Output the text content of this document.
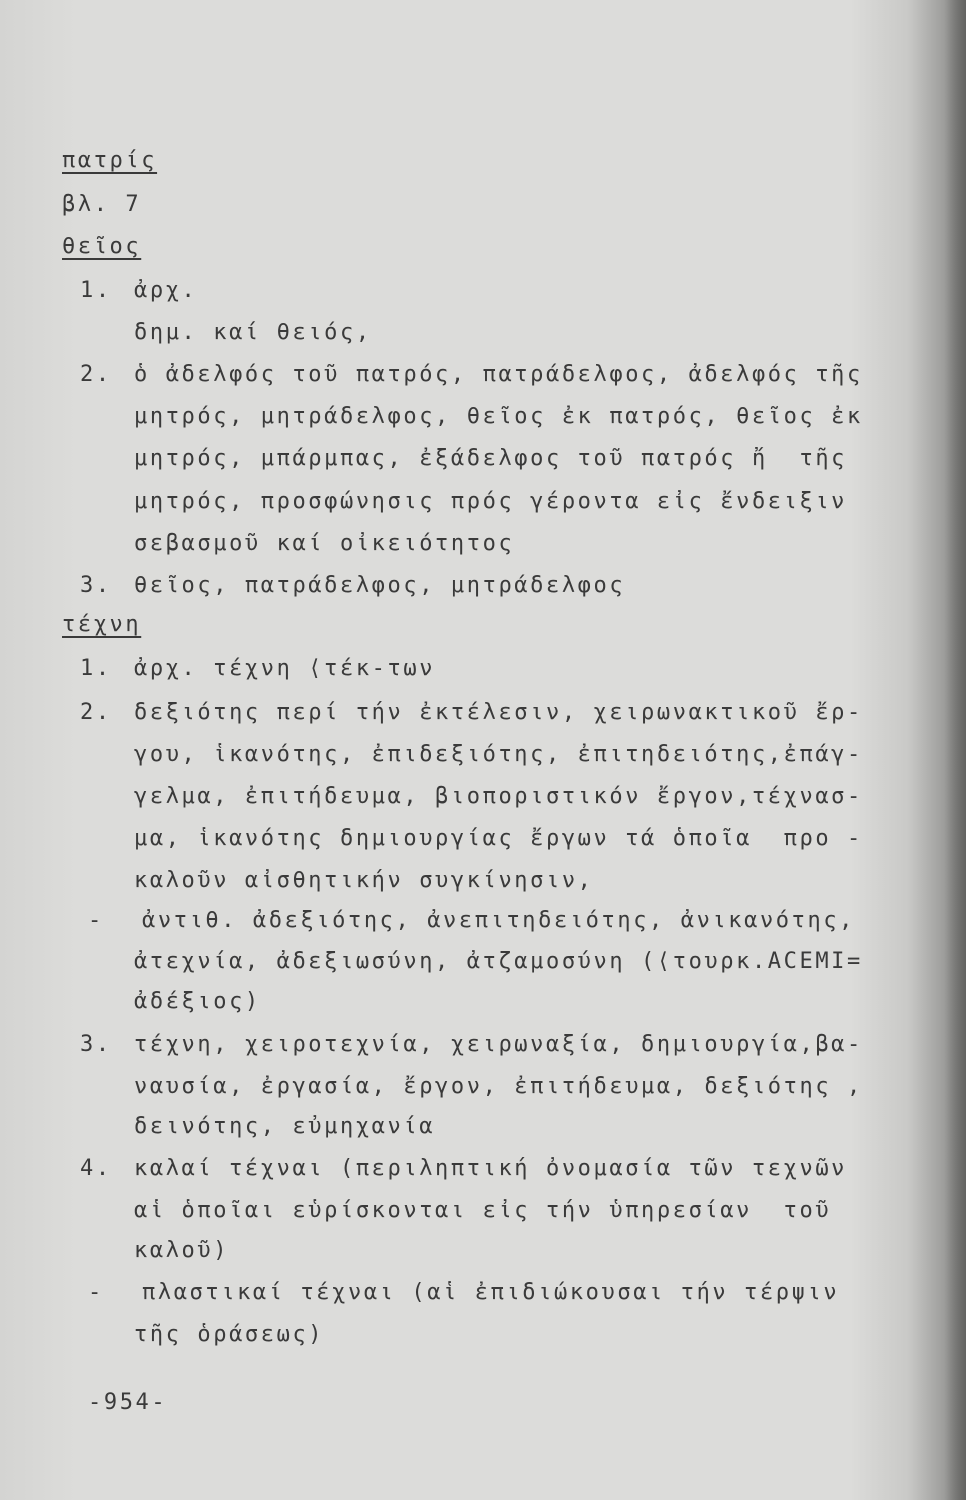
πατρίς
βλ. 7
θεῖος
1. ἀρχ.
δημ. καί θειός,
2. ὁ ἀδελφός τοῦ πατρός, πατράδελφος, ἀδελφός τῆς
μητρός, μητράδελφος, θεῖος ἐκ πατρός, θεῖος ἐκ
μητρός, μπάρμπας, ἐξάδελφος τοῦ πατρός ἤ  τῆς
μητρός, προσφώνησις πρός γέροντα εἰς ἔνδειξιν
σεβασμοῦ καί οἰκειότητος
3. θεῖος, πατράδελφος, μητράδελφος
τέχνη
1. ἀρχ. τέχνη ⟨τέκ-των
2. δεξιότης περί τήν ἐκτέλεσιν, χειρωνακτικοῦ ἔρ-
γου, ἱκανότης, ἐπιδεξιότης, ἐπιτηδειότης,ἐπάγ-
γελμα, ἐπιτήδευμα, βιοποριστικόν ἔργον,τέχνασ-
μα, ἱκανότης δημιουργίας ἔργων τά ὁποῖα  προ -
καλοῦν αἰσθητικήν συγκίνησιν,
- ἀντιθ. ἀδεξιότης, ἀνεπιτηδειότης, ἀνικανότης,
ἀτεχνία, ἀδεξιωσύνη, ἀτζαμοσύνη (⟨τουρκ.ACEMI=
ἀδέξιος)
3. τέχνη, χειροτεχνία, χειρωναξία, δημιουργία,βα-
ναυσία, ἐργασία, ἔργον, ἐπιτήδευμα, δεξιότης ,
δεινότης, εὐμηχανία
4. καλαί τέχναι (περιληπτική ὀνομασία τῶν τεχνῶν
αἱ ὁποῖαι εὑρίσκονται εἰς τήν ὑπηρεσίαν  τοῦ
καλοῦ)
- πλαστικαί τέχναι (αἱ ἐπιδιώκουσαι τήν τέρψιν
τῆς ὁράσεως)
-954-
